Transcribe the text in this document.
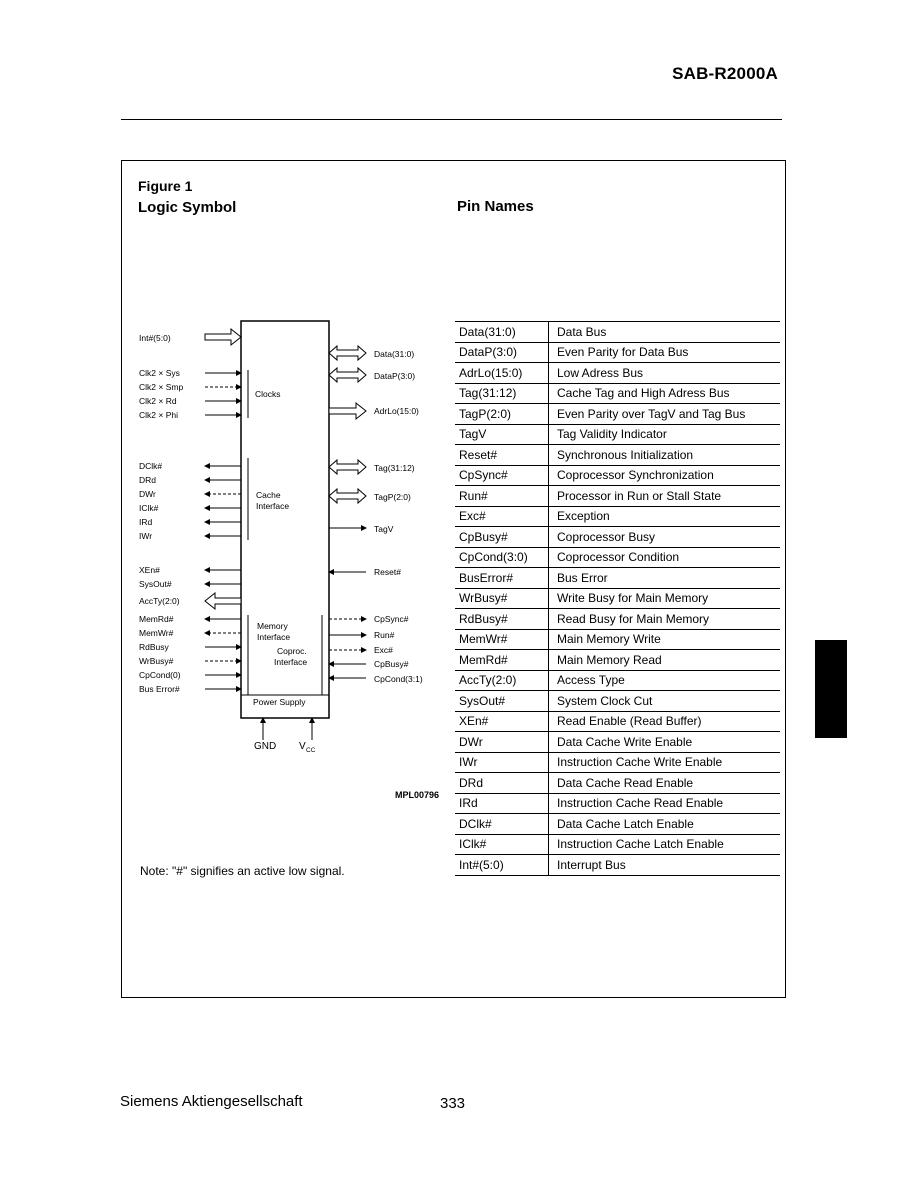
SAB-R2000A
Figure 1
Logic Symbol	Pin Names
Int#(5:0)
Clk2 × Sys
Clk2 × Smp
Clk2 × Rd
Clk2 × Phi
DClk#
DRd
DWr
IClk#
IRd
IWr
XEn#
SysOut#
AccTy(2:0)
MemRd#
MemWr#
RdBusy
WrBusy#
CpCond(0)
Bus Error#
Clocks
Cache
Interface
Memory
Interface
Coproc.
Interface
Power Supply
Data(31:0)
DataP(3:0)
AdrLo(15:0)
Tag(31:12)
TagP(2:0)
TagV
Reset#
CpSync#
Run#
Exc#
CpBusy#
CpCond(3:1)
GND V CC
MPL00796
Note: "#" signifies an active low signal.

Data(31:0)	Data Bus
DataP(3:0)	Even Parity for Data Bus
AdrLo(15:0)	Low Adress Bus
Tag(31:12)	Cache Tag and High Adress Bus
TagP(2:0)	Even Parity over TagV and Tag Bus
TagV	Tag Validity Indicator
Reset#	Synchronous Initialization
CpSync#	Coprocessor Synchronization
Run#	Processor in Run or Stall State
Exc#	Exception
CpBusy#	Coprocessor Busy
CpCond(3:0)	Coprocessor Condition
BusError#	Bus Error
WrBusy#	Write Busy for Main Memory
RdBusy#	Read Busy for Main Memory
MemWr#	Main Memory Write
MemRd#	Main Memory Read
AccTy(2:0)	Access Type
SysOut#	System Clock Cut
XEn#	Read Enable (Read Buffer)
DWr	Data Cache Write Enable
IWr	Instruction Cache Write Enable
DRd	Data Cache Read Enable
IRd	Instruction Cache Read Enable
DClk#	Data Cache Latch Enable
IClk#	Instruction Cache Latch Enable
Int#(5:0)	Interrupt Bus
Siemens Aktiengesellschaft	333
